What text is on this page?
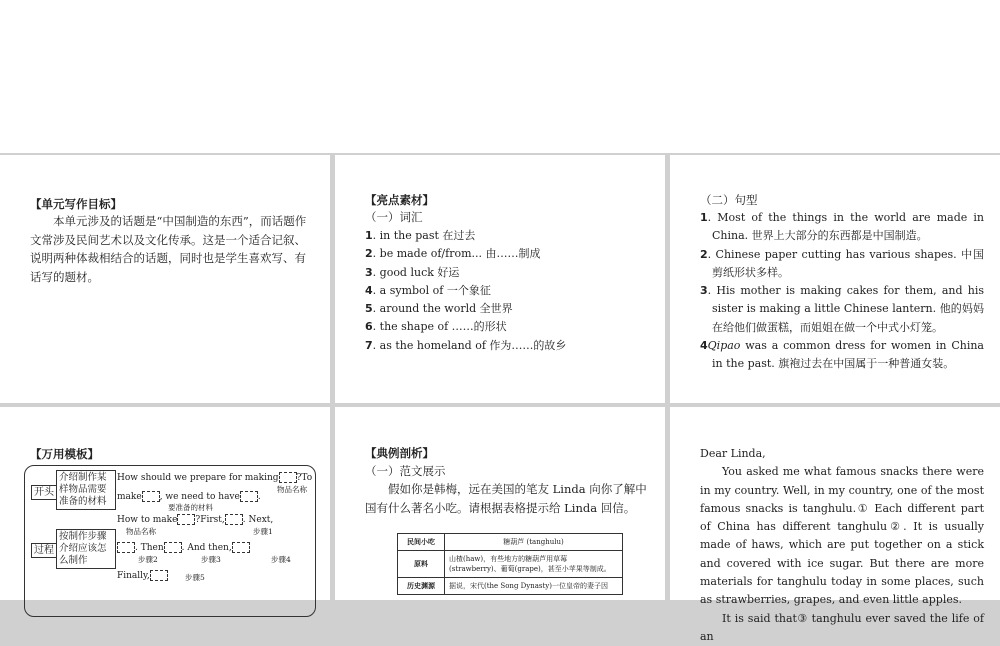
【单元写作目标】
本单元涉及的话题是“中国制造的东西”，而话题作文常涉及民间艺术以及文化传承。这是一个适合记叙、说明两种体裁相结合的话题，同时也是学生喜欢写、有话写的题材。
【亮点素材】
（一）词汇
1. in the past 在过去
2. be made of/from... 由……制成
3. good luck 好运
4. a symbol of 一个象征
5. around the world 全世界
6. the shape of ……的形状
7. as the homeland of 作为……的故乡
（二）句型
1. Most of the things in the world are made in China. 世界上大部分的东西都是中国制造。
2. Chinese paper cutting has various shapes. 中国剪纸形状多样。
3. His mother is making cakes for them, and his sister is making a little Chinese lantern. 他的妈妈在给他们做蛋糕，而姐姐在做一个中式小灯笼。
4Qipao was a common dress for women in China in the past. 旗袍过去在中国属于一种普通女装。
【万用模板】
开头
介绍制作某样物品需要准备的材料
How should we prepare for making ?To
物品名称
make , we need to have .
要准备的材料
过程
按制作步骤介绍应该怎么制作
How to make ?First, . Next,
物品名称	步骤1
. Then . And then,
步骤2	步骤3	步骤4
Finally,	步骤5
【典例剖析】
（一）范文展示
假如你是韩梅，远在美国的笔友 Linda 向你了解中国有什么著名小吃。请根据表格提示给 Linda 回信。
民间小吃	糖葫芦 (tanghulu)
原料	山楂(haw)，有些地方的糖葫芦用草莓(strawberry)、葡萄(grape)，甚至小苹果等制成。
历史渊源	据说，宋代(the Song Dynasty)一位皇帝的妻子因

Dear Linda,

You asked me what famous snacks there were in my country. Well, in my country, one of the most famous snacks is tanghulu.① Each different part of China has different tanghulu②. It is usually made of haws, which are put together on a stick and covered with ice sugar. But there are more materials for tanghulu today in some places, such as strawberries, grapes, and even little apples.

It is said that③ tanghulu ever saved the life of an
